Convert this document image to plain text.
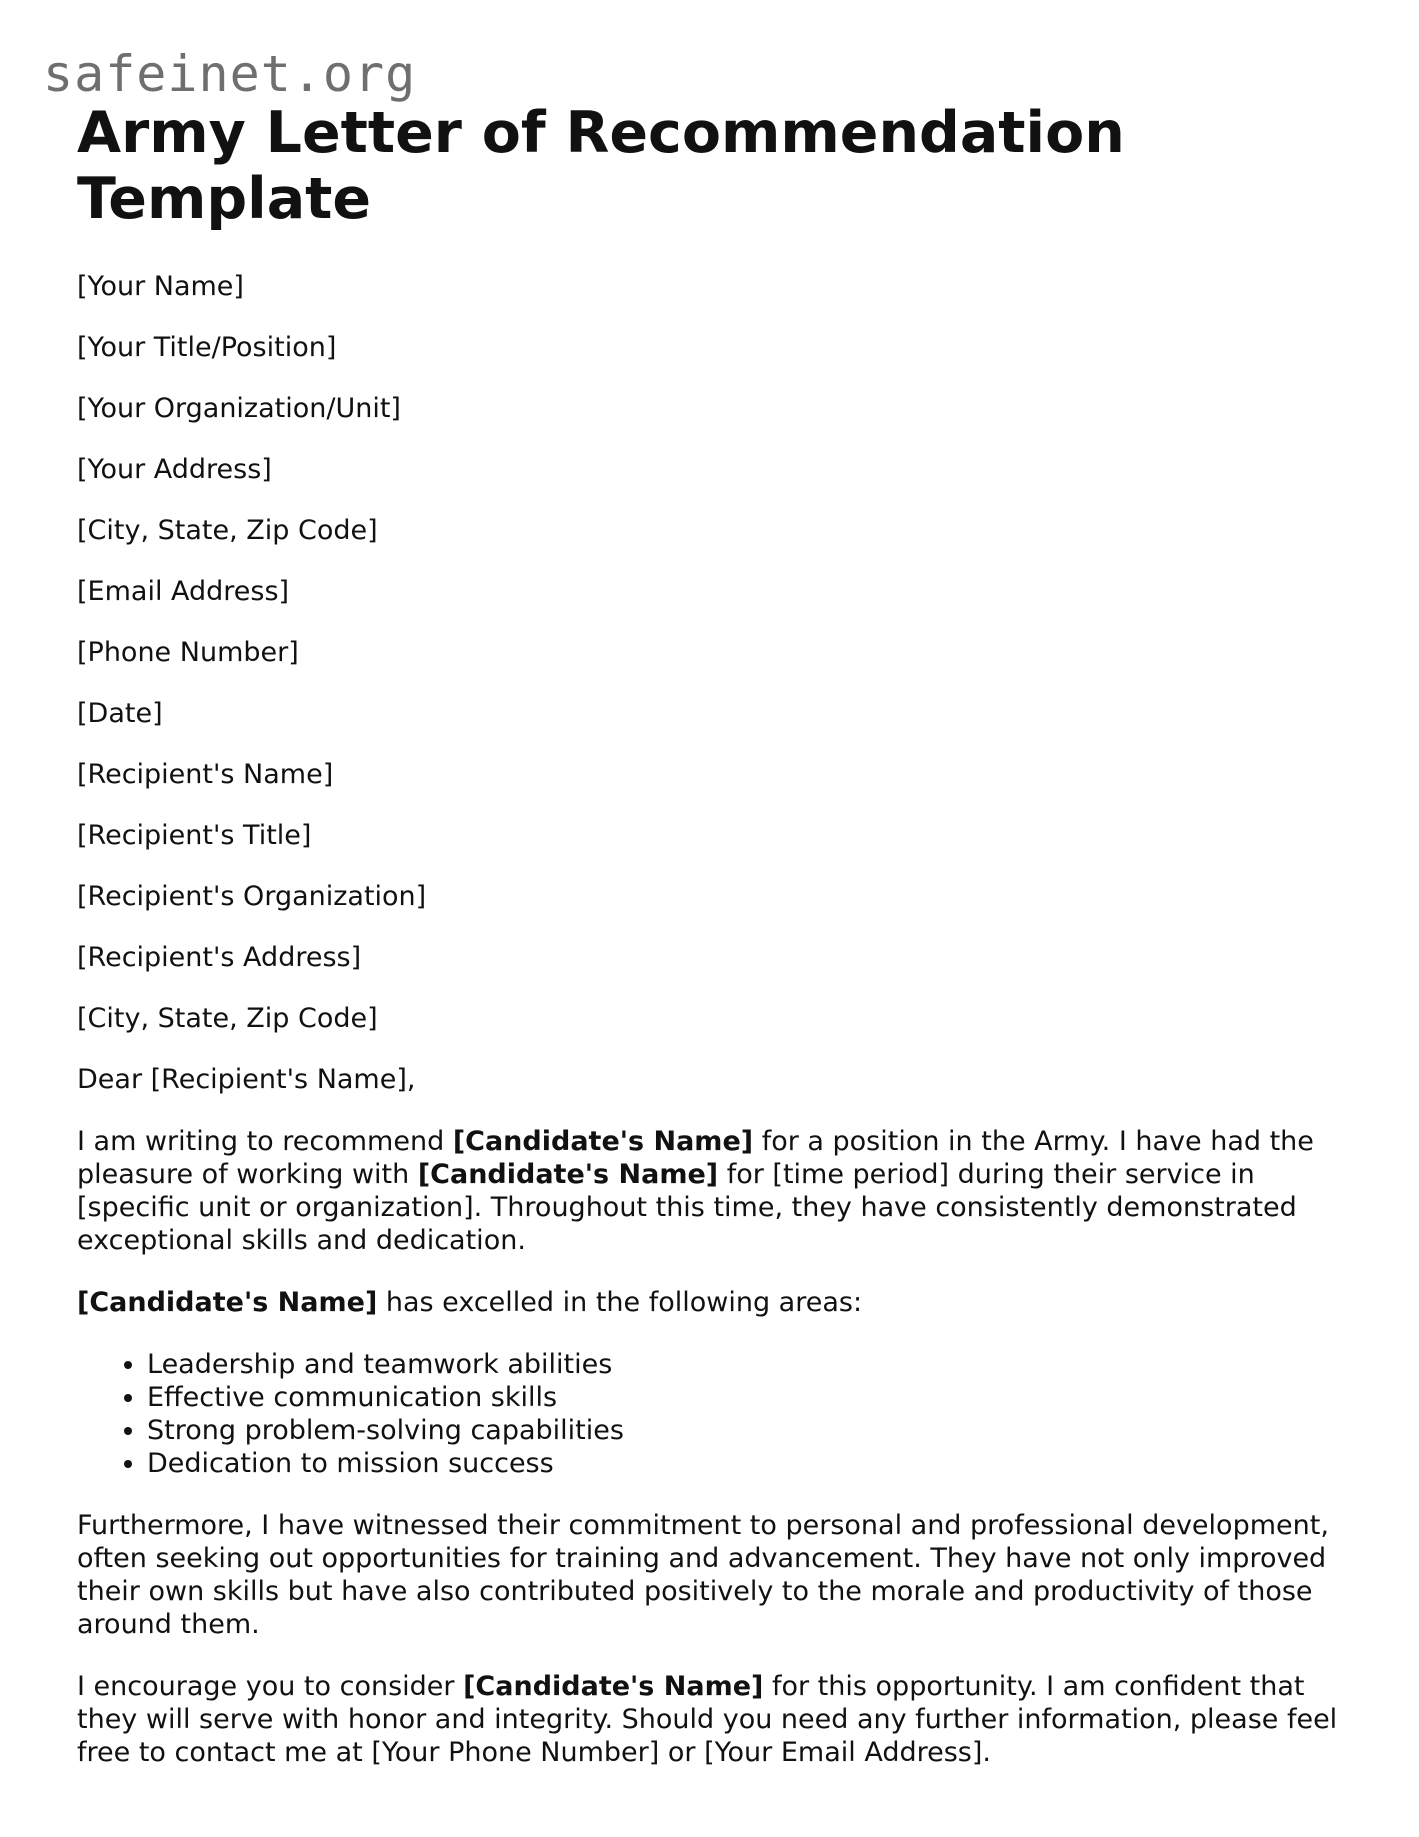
safeinet.org
Army Letter of Recommendation Template
[Your Name]
[Your Title/Position]
[Your Organization/Unit]
[Your Address]
[City, State, Zip Code]
[Email Address]
[Phone Number]
[Date]
[Recipient's Name]
[Recipient's Title]
[Recipient's Organization]
[Recipient's Address]
[City, State, Zip Code]
Dear [Recipient's Name],

I am writing to recommend [Candidate's Name] for a position in the Army. I have had the pleasure of working with [Candidate's Name] for [time period] during their service in [specific unit or organization]. Throughout this time, they have consistently demonstrated exceptional skills and dedication.

[Candidate's Name] has excelled in the following areas:

• Leadership and teamwork abilities
• Effective communication skills
• Strong problem-solving capabilities
• Dedication to mission success

Furthermore, I have witnessed their commitment to personal and professional development, often seeking out opportunities for training and advancement. They have not only improved their own skills but have also contributed positively to the morale and productivity of those around them.

I encourage you to consider [Candidate's Name] for this opportunity. I am confident that they will serve with honor and integrity. Should you need any further information, please feel free to contact me at [Your Phone Number] or [Your Email Address].
